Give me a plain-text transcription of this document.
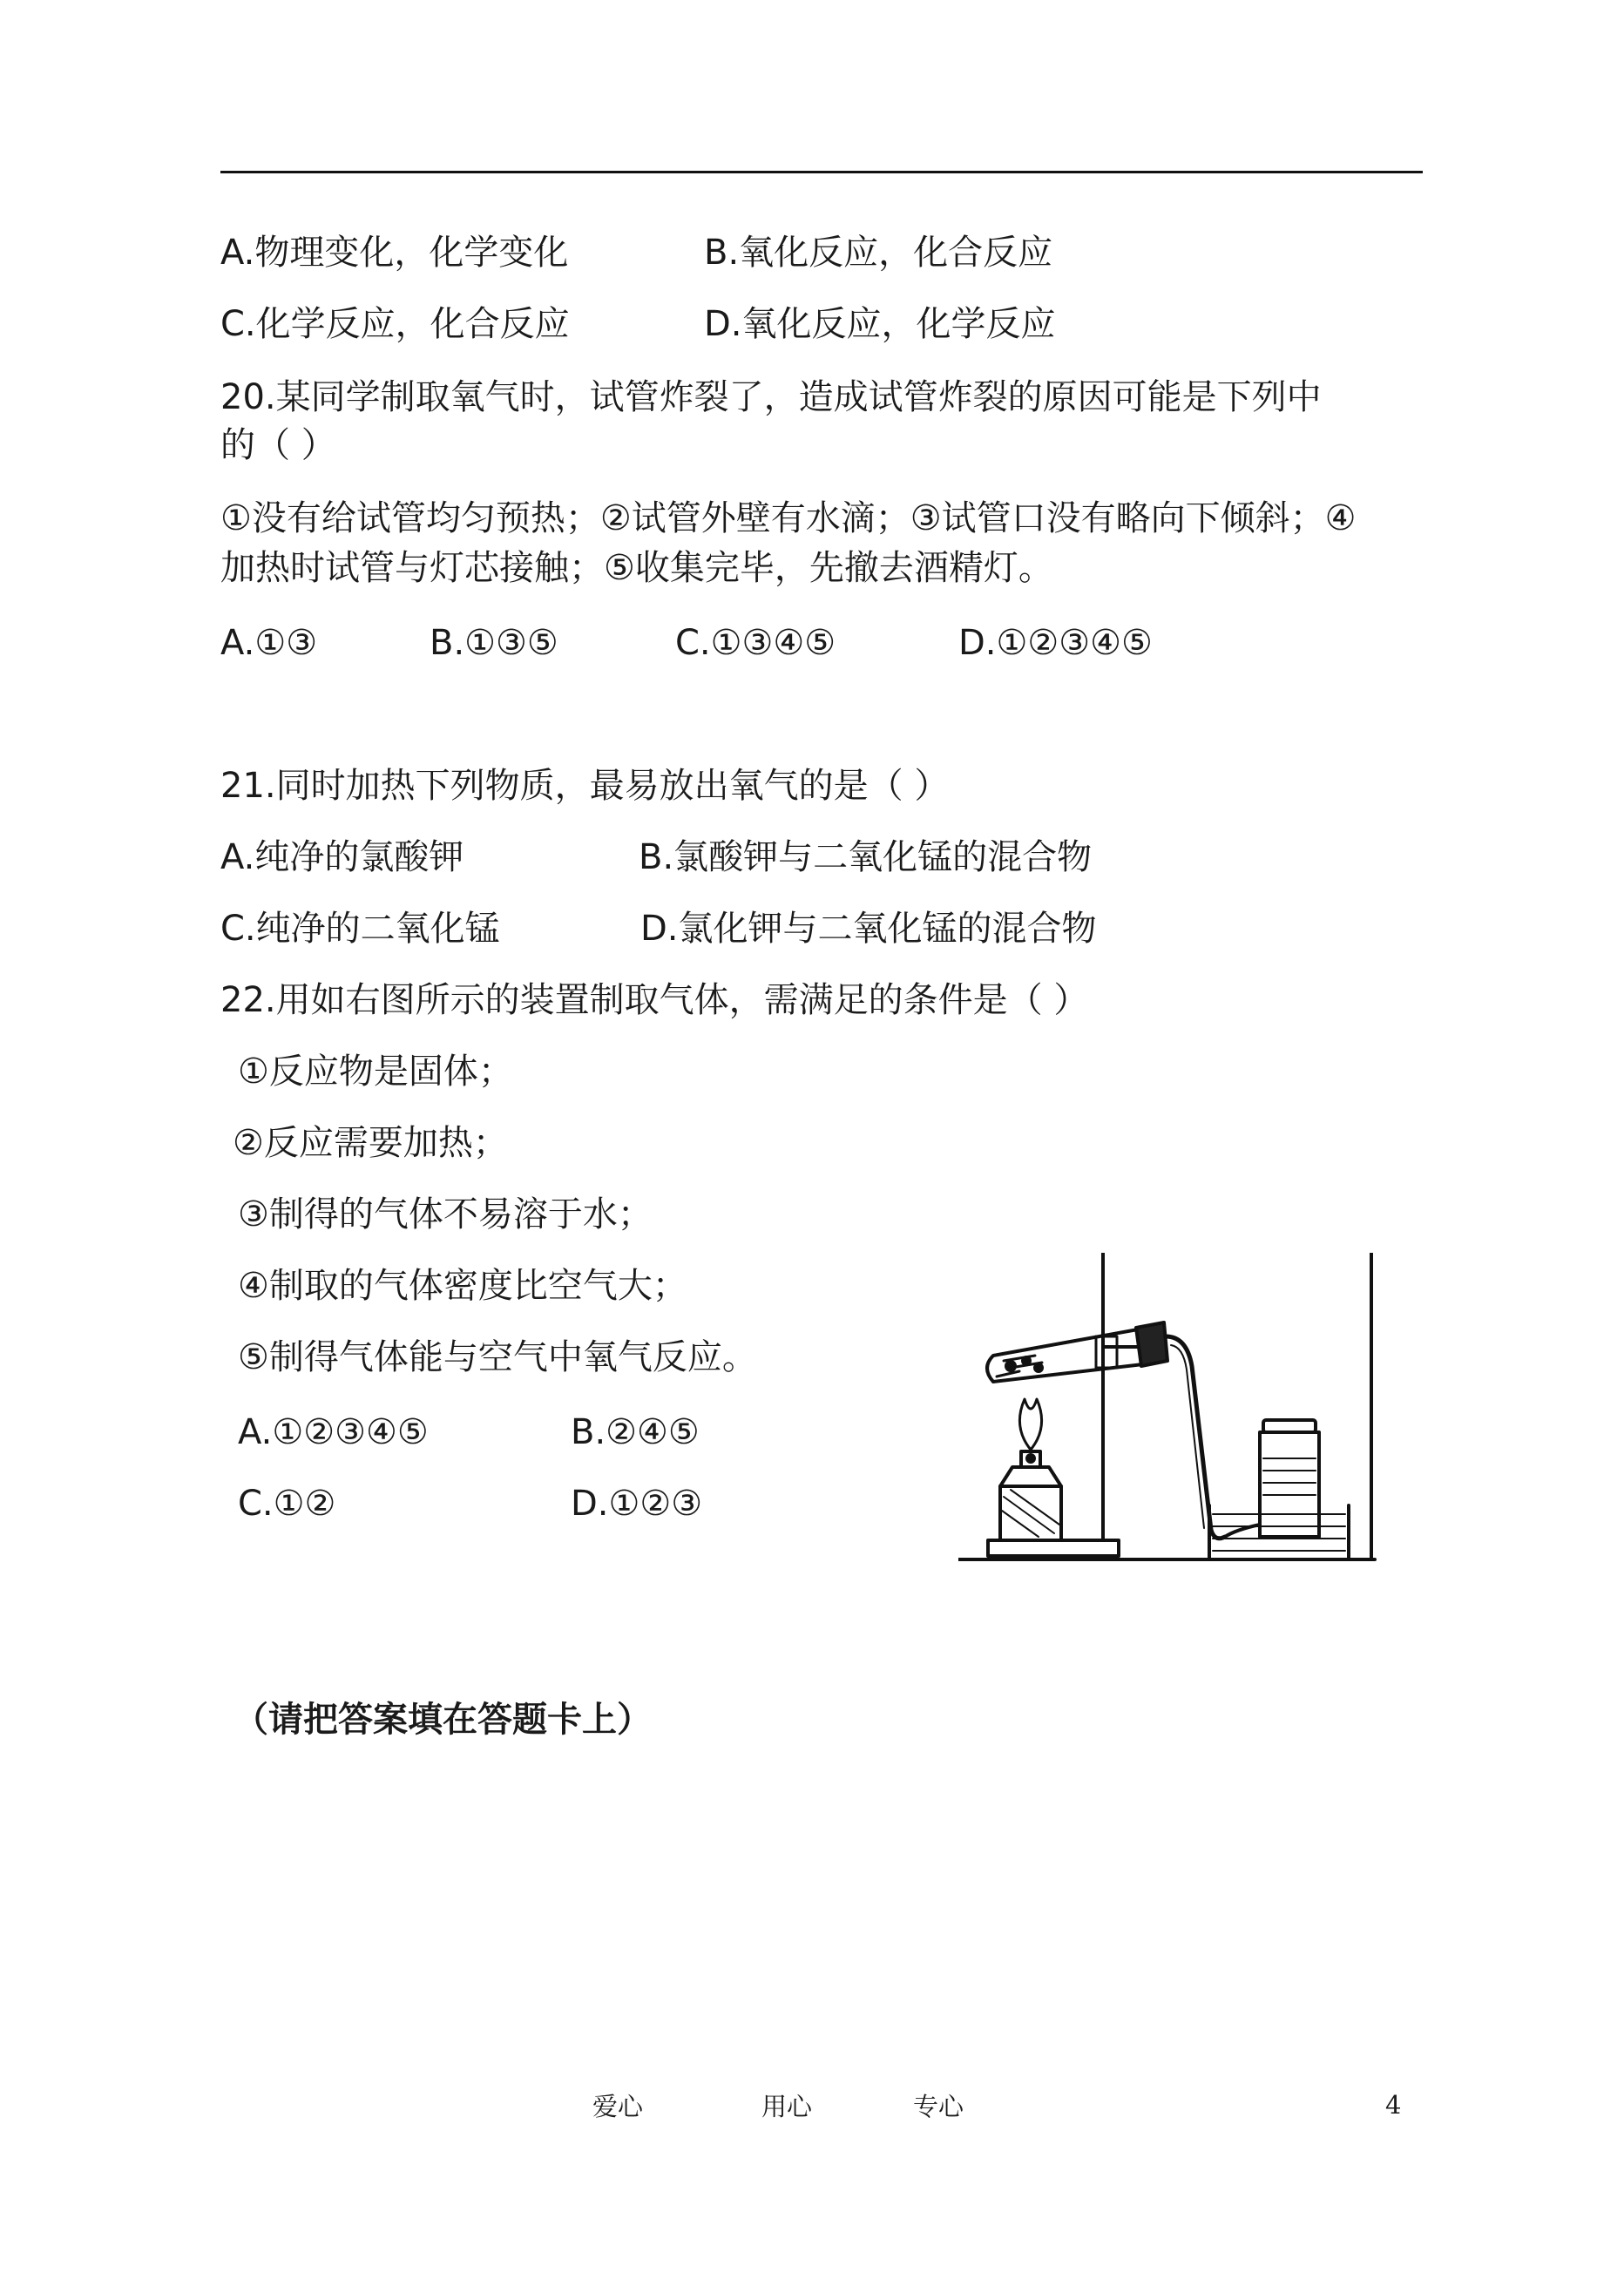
A.物理变化，化学变化	B.氧化反应，化合反应
C.化学反应，化合反应	D.氧化反应，化学反应
20.某同学制取氧气时，试管炸裂了，造成试管炸裂的原因可能是下列中
的（ ）
①没有给试管均匀预热；②试管外壁有水滴；③试管口没有略向下倾斜；④
加热时试管与灯芯接触；⑤收集完毕，先撤去酒精灯。
A.①③	B.①③⑤	C.①③④⑤	D.①②③④⑤
21.同时加热下列物质，最易放出氧气的是（ ）
A.纯净的氯酸钾	B.氯酸钾与二氧化锰的混合物
C.纯净的二氧化锰	D.氯化钾与二氧化锰的混合物
22.用如右图所示的装置制取气体，需满足的条件是（ ）
①反应物是固体；
②反应需要加热；
③制得的气体不易溶于水；
④制取的气体密度比空气大；
⑤制得气体能与空气中氧气反应。
A.①②③④⑤	B.②④⑤
C.①②	D.①②③
（请把答案填在答题卡上）
爱心	用心	专心	4
